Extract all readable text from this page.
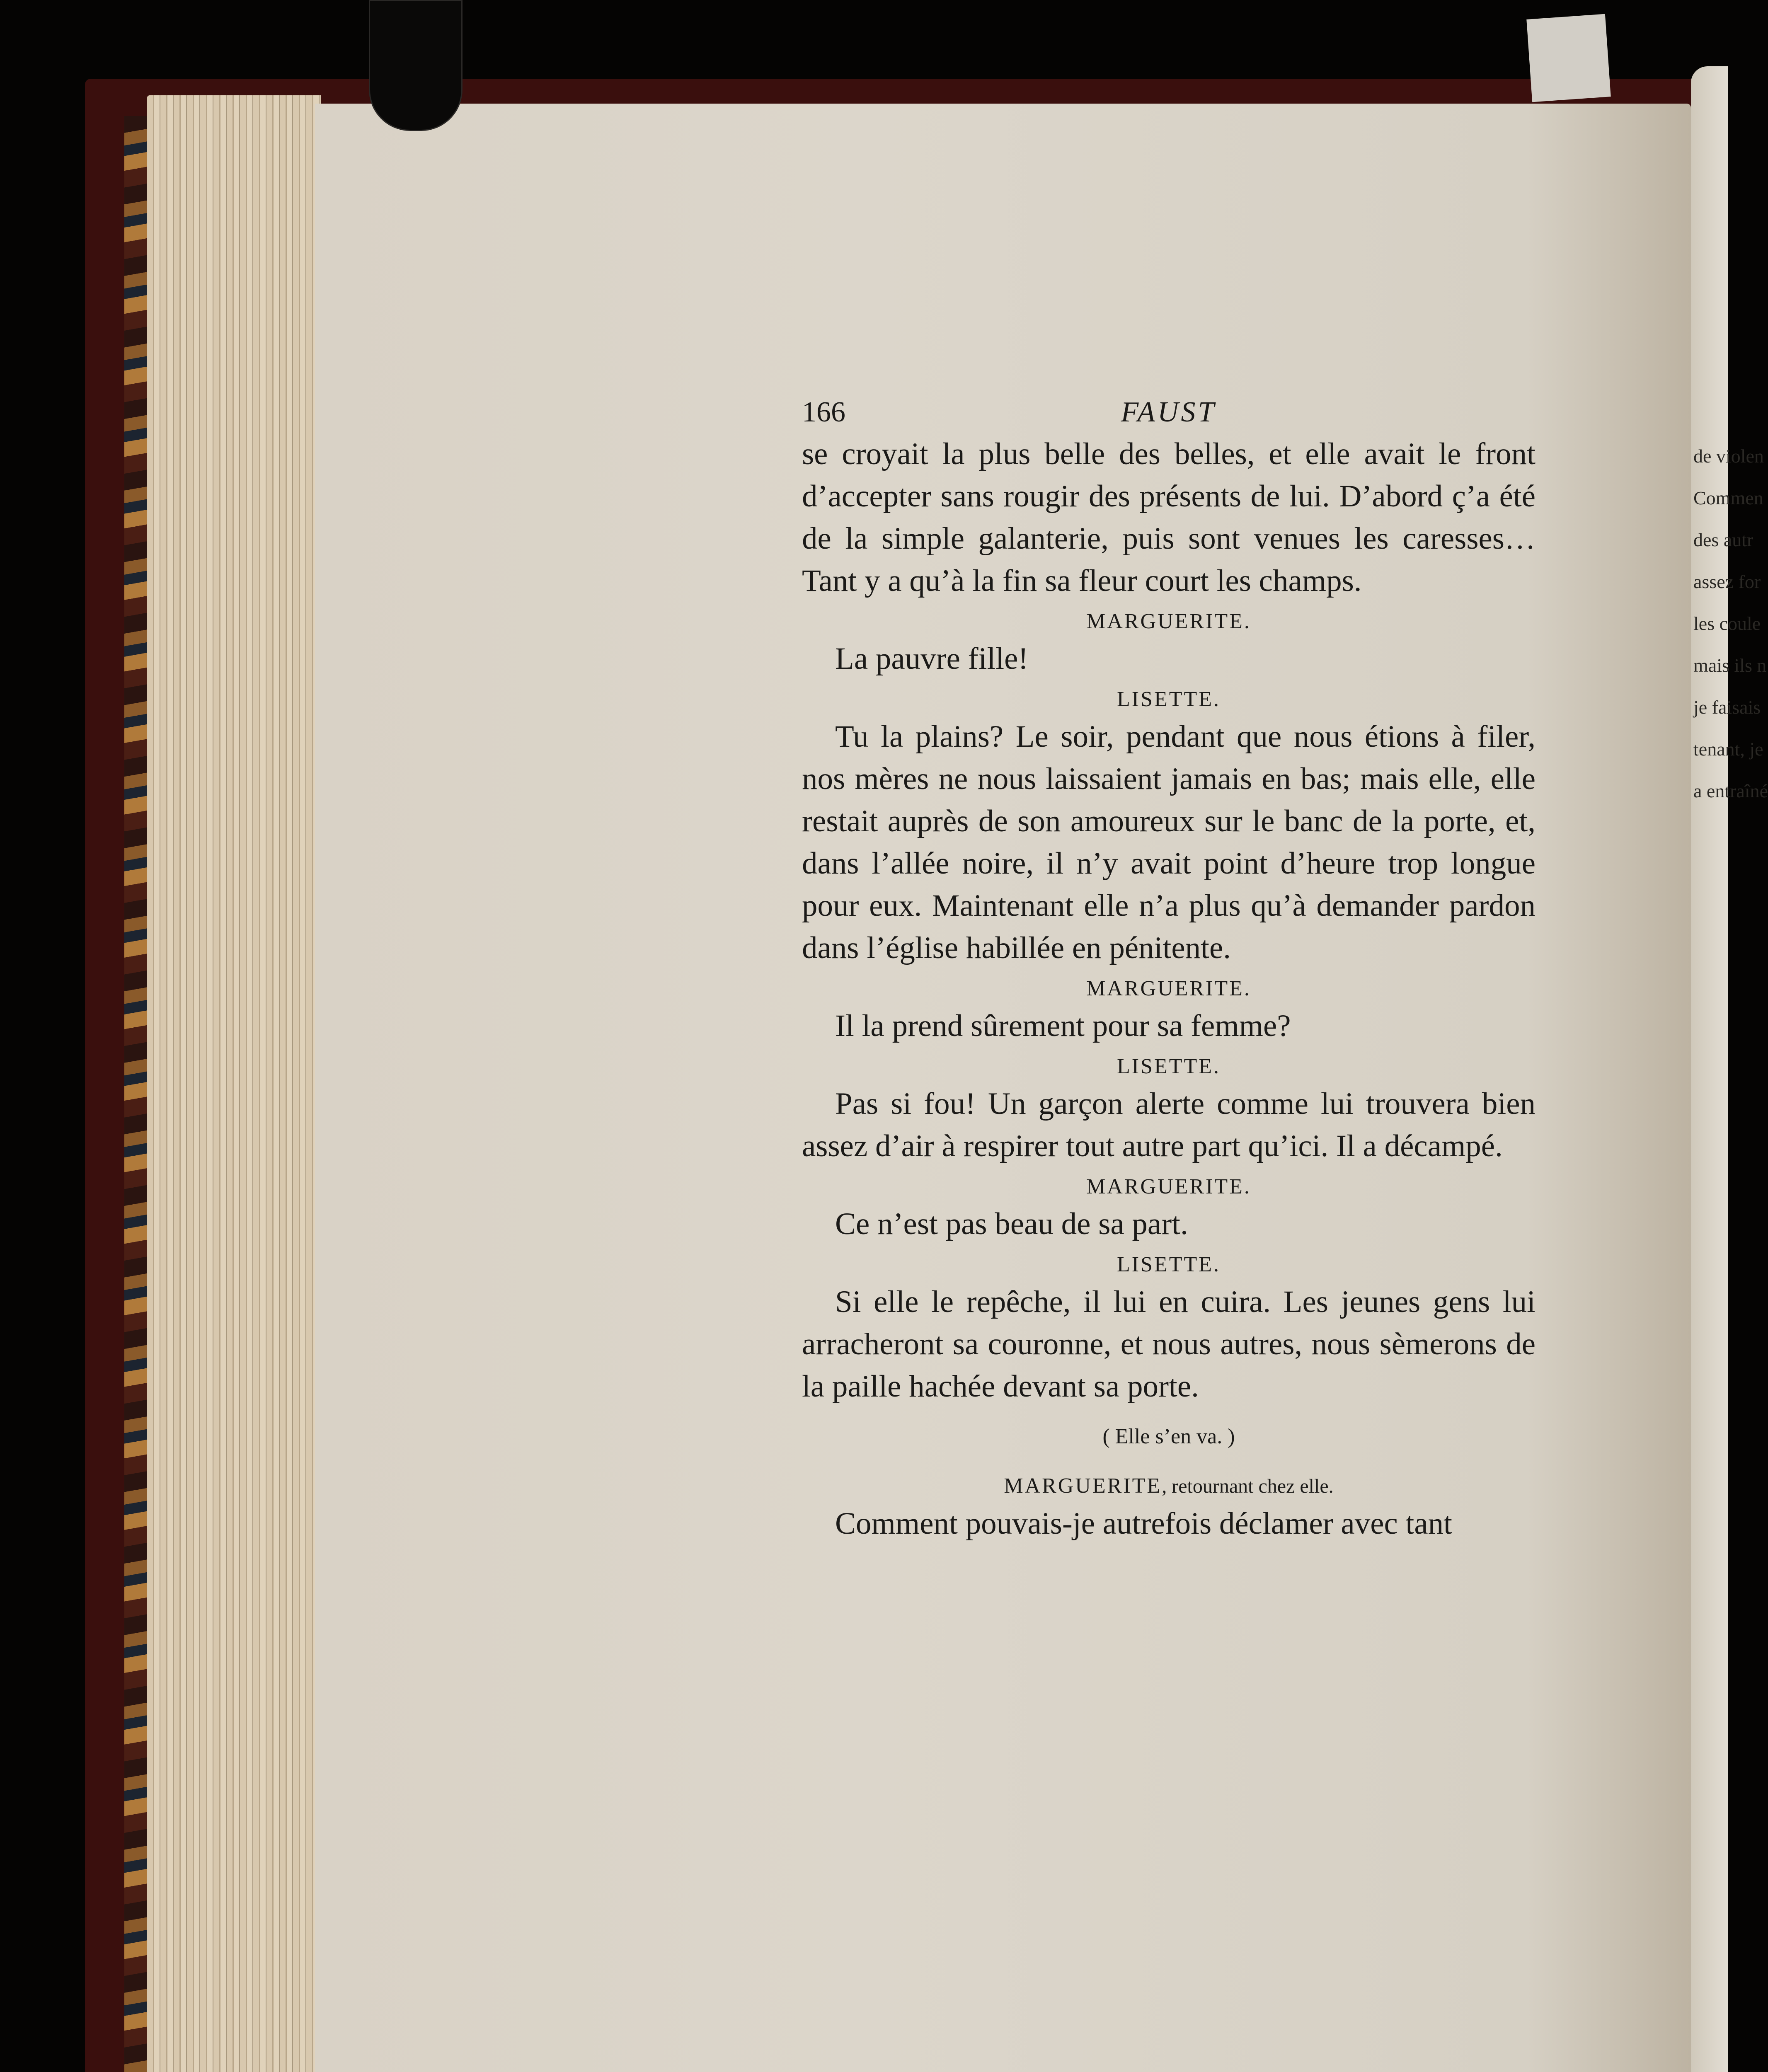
166	FAUST
se croyait la plus belle des belles, et elle avait le front d’accepter sans rougir des présents de lui. D’abord ç’a été de la simple galanterie, puis sont venues les caresses… Tant y a qu’à la fin sa fleur court les champs.
MARGUERITE.
La pauvre fille!
LISETTE.
Tu la plains? Le soir, pendant que nous étions à filer, nos mères ne nous laissaient jamais en bas; mais elle, elle restait auprès de son amoureux sur le banc de la porte, et, dans l’allée noire, il n’y avait point d’heure trop longue pour eux. Maintenant elle n’a plus qu’à demander pardon dans l’église habillée en pénitente.
MARGUERITE.
Il la prend sûrement pour sa femme?
LISETTE.
Pas si fou! Un garçon alerte comme lui trouvera bien assez d’air à respirer tout autre part qu’ici. Il a décampé.
MARGUERITE.
Ce n’est pas beau de sa part.
LISETTE.
Si elle le repêche, il lui en cuira. Les jeunes gens lui arracheront sa couronne, et nous autres, nous sèmerons de la paille hachée devant sa porte.
( Elle s’en va. )
MARGUERITE, retournant chez elle.
Comment pouvais-je autrefois déclamer avec tant
de violen
Commen
des autr
assez for
les coule
mais ils n
je faisais
tenant, je
a entraîné
